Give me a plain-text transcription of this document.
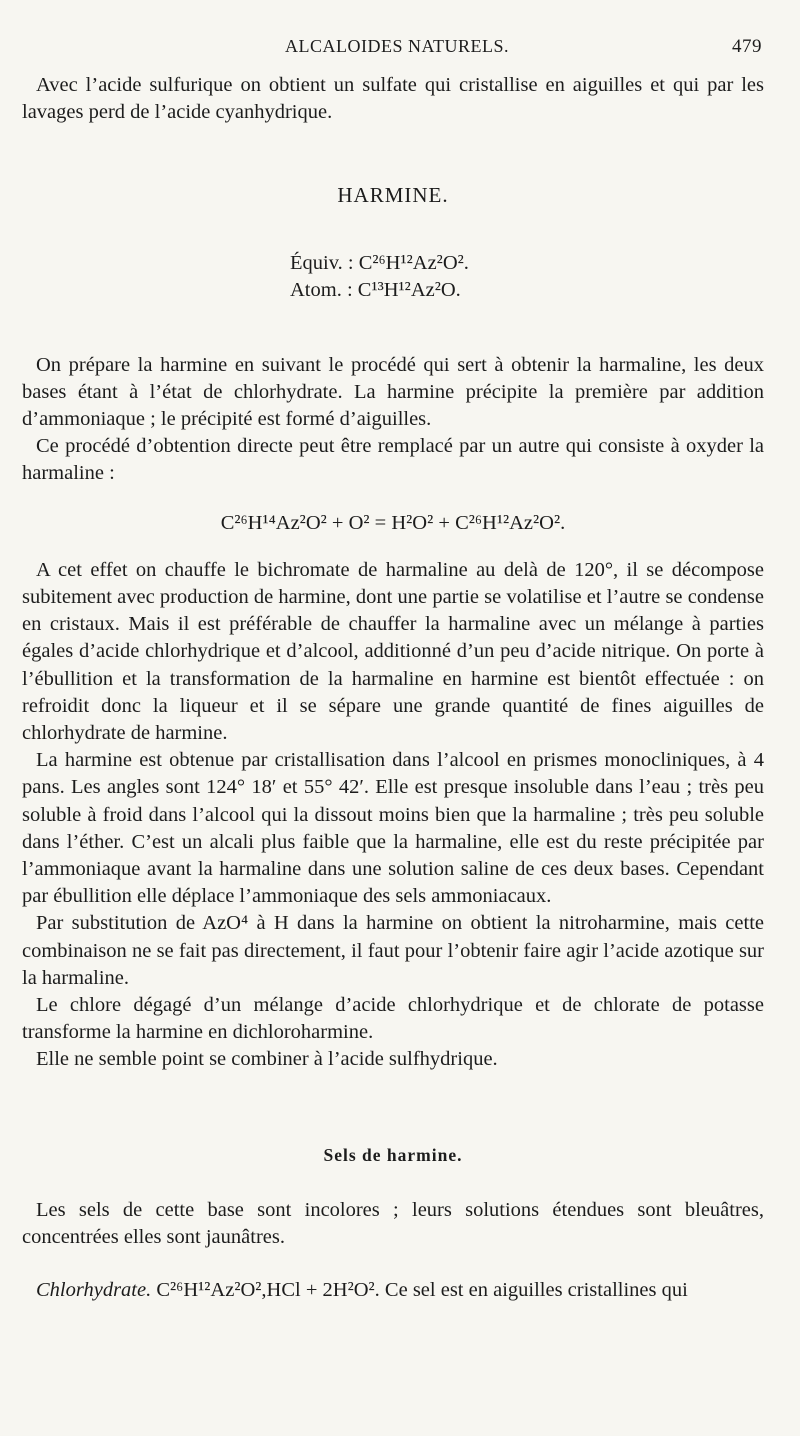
ALCALOIDES NATURELS.	479

Avec l’acide sulfurique on obtient un sulfate qui cristallise en aiguilles et qui par les lavages perd de l’acide cyanhydrique.

HARMINE.
Équiv. : C²⁶H¹²Az²O².
Atom. : C¹³H¹²Az²O.

On prépare la harmine en suivant le procédé qui sert à obtenir la harmaline, les deux bases étant à l’état de chlorhydrate. La harmine précipite la première par addition d’ammoniaque ; le précipité est formé d’aiguilles.

Ce procédé d’obtention directe peut être remplacé par un autre qui consiste à oxyder la harmaline :

C²⁶H¹⁴Az²O² + O² = H²O² + C²⁶H¹²Az²O².

A cet effet on chauffe le bichromate de harmaline au delà de 120°, il se décompose subitement avec production de harmine, dont une partie se volatilise et l’autre se condense en cristaux. Mais il est préférable de chauffer la harmaline avec un mélange à parties égales d’acide chlorhydrique et d’alcool, additionné d’un peu d’acide nitrique. On porte à l’ébullition et la transformation de la harmaline en harmine est bientôt effectuée : on refroidit donc la liqueur et il se sépare une grande quantité de fines aiguilles de chlorhydrate de harmine.

La harmine est obtenue par cristallisation dans l’alcool en prismes monocliniques, à 4 pans. Les angles sont 124° 18′ et 55° 42′. Elle est presque insoluble dans l’eau ; très peu soluble à froid dans l’alcool qui la dissout moins bien que la harmaline ; très peu soluble dans l’éther. C’est un alcali plus faible que la harmaline, elle est du reste précipitée par l’ammoniaque avant la harmaline dans une solution saline de ces deux bases. Cependant par ébullition elle déplace l’ammoniaque des sels ammoniacaux.

Par substitution de AzO⁴ à H dans la harmine on obtient la nitroharmine, mais cette combinaison ne se fait pas directement, il faut pour l’obtenir faire agir l’acide azotique sur la harmaline.

Le chlore dégagé d’un mélange d’acide chlorhydrique et de chlorate de potasse transforme la harmine en dichloroharmine.

Elle ne semble point se combiner à l’acide sulfhydrique.

Sels de harmine.

Les sels de cette base sont incolores ; leurs solutions étendues sont bleuâtres, concentrées elles sont jaunâtres.

Chlorhydrate. C²⁶H¹²Az²O²,HCl + 2H²O². Ce sel est en aiguilles cristallines qui
